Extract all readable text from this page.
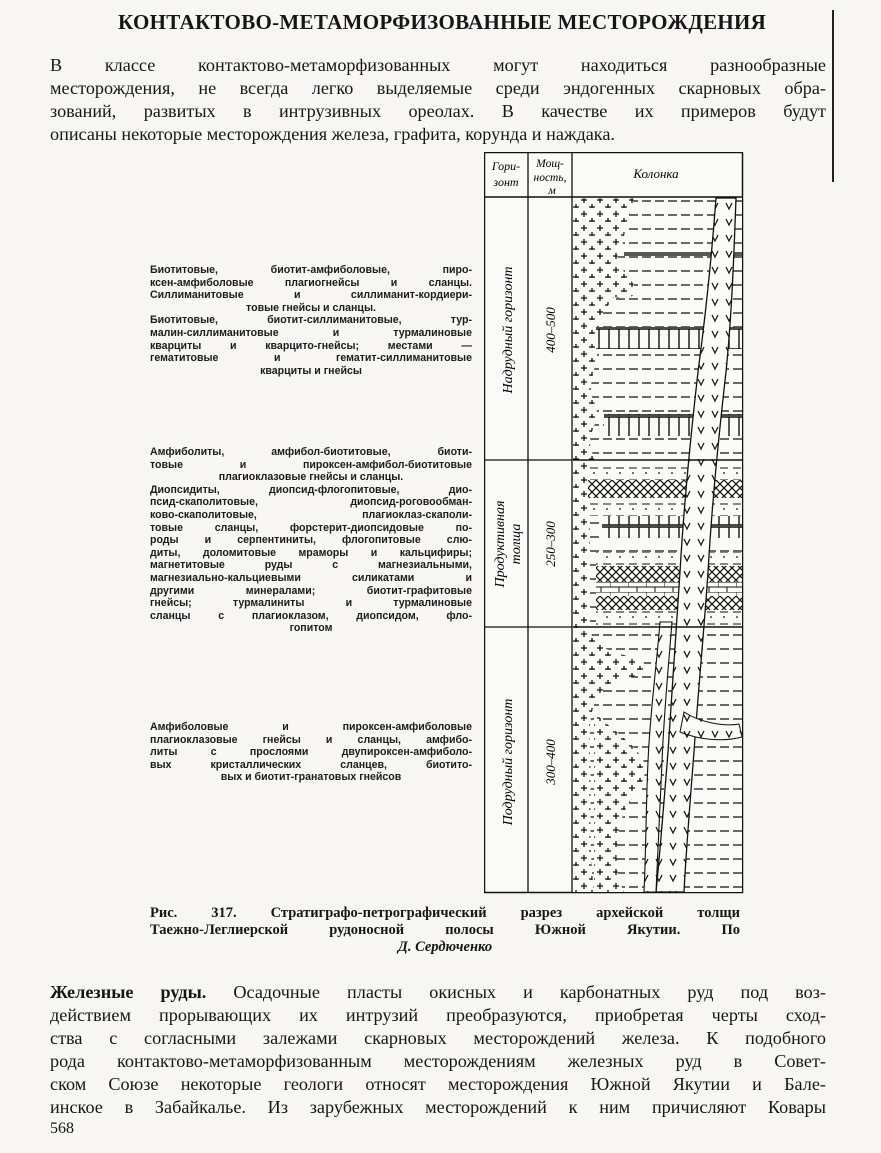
КОНТАКТОВО-МЕТАМОРФИЗОВАННЫЕ МЕСТОРОЖДЕНИЯ
В классе контактово-метаморфизованных могут находиться разнообразные
месторождения, не всегда легко выделяемые среди эндогенных скарновых обра-
зований, развитых в интрузивных ореолах. В качестве их примеров будут
описаны некоторые месторождения железа, графита, корунда и наждака.
Гори-
зонт
Мощ-
ность,
м
Колонка
Надрудный горизонт 400–500
Продуктивная толща 250–300
Подрудный горизонт 300–400
Биотитовые, биотит-амфиболовые, пиро-
ксен-амфиболовые плагиогнейсы и сланцы.
Силлиманитовые и силлиманит-кордиери-
товые гнейсы и сланцы.
Биотитовые, биотит-силлиманитовые, тур-
малин-силлиманитовые и турмалиновые
кварциты и кварцито-гнейсы; местами —
гематитовые и гематит-силлиманитовые
кварциты и гнейсы
Амфиболиты, амфибол-биотитовые, биоти-
товые и пироксен-амфибол-биотитовые
плагиоклазовые гнейсы и сланцы.
Диопсидиты, диопсид-флогопитовые, дио-
псид-скаполитовые, диопсид-роговообман-
ково-скаполитовые, плагиоклаз-скаполи-
товые сланцы, форстерит-диопсидовые по-
роды и серпентиниты, флогопитовые слю-
диты, доломитовые мраморы и кальцифиры;
магнетитовые руды с магнезиальными,
магнезиально-кальциевыми силикатами и
другими минералами; биотит-графитовые
гнейсы; турмалиниты и турмалиновые
сланцы с плагиоклазом, диопсидом, фло-
гопитом
Амфиболовые и пироксен-амфиболовые
плагиоклазовые гнейсы и сланцы, амфибо-
литы с прослоями двупироксен-амфиболо-
вых кристаллических сланцев, биотито-
вых и биотит-гранатовых гнейсов
Рис. 317. Стратиграфо-петрографический разрез архейской толщи
Таежно-Леглиерской рудоносной полосы Южной Якутии. По
Д. Сердюченко
Железные руды. Осадочные пласты окисных и карбонатных руд под воз-
действием прорывающих их интрузий преобразуются, приобретая черты сход-
ства с согласными залежами скарновых месторождений железа. К подобного
рода контактово-метаморфизованным месторождениям железных руд в Совет-
ском Союзе некоторые геологи относят месторождения Южной Якутии и Бале-
инское в Забайкалье. Из зарубежных месторождений к ним причисляют Ковары
568
